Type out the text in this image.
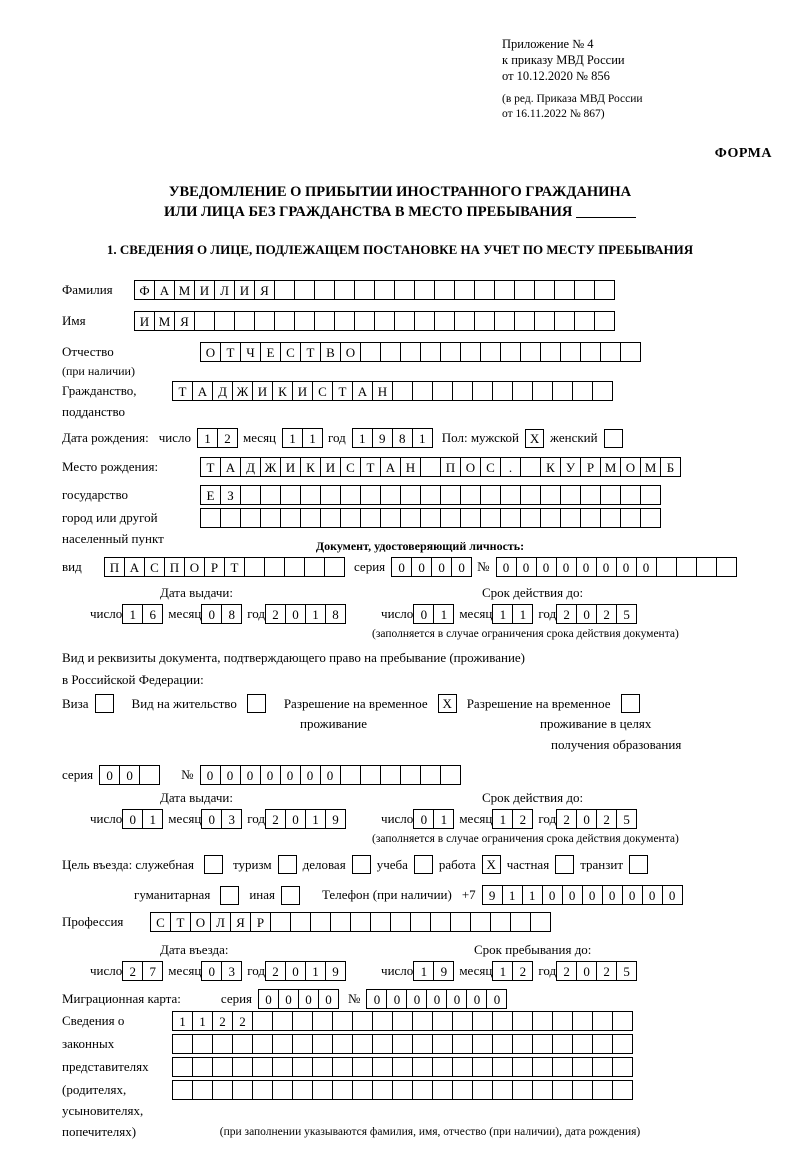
Приложение № 4
к приказу МВД России
от 10.12.2020 № 856
(в ред. Приказа МВД России
от 16.11.2022 № 867)
ФОРМА
УВЕДОМЛЕНИЕ О ПРИБЫТИИ ИНОСТРАННОГО ГРАЖДАНИНА
ИЛИ ЛИЦА БЕЗ ГРАЖДАНСТВА В МЕСТО ПРЕБЫВАНИЯ
1. СВЕДЕНИЯ О ЛИЦЕ, ПОДЛЕЖАЩЕМ ПОСТАНОВКЕ НА УЧЕТ ПО МЕСТУ ПРЕБЫВАНИЯ
Фамилия	Ф А М И Л И Я
Имя	И М Я
Отчество	О Т Ч Е С Т В О
(при наличии)
Гражданство,	Т А Д Ж И К И С Т А Н
подданство
Дата рождения: число	1	2 месяц	1	1 год	1	9	8	1	Пол: мужской Х женский
Место рождения:	Т А Д Ж И К И С Т А Н	П О С	.	К У Р М О М Б
государство	Е З
город или другой
населенный пункт	Документ, удостоверяющий личность:
вид	П А С П О Р Т	серия	0	0	0	0 №	0	0	0	0	0	0	0	0
Дата выдачи:	Срок действия до:
число 1	6 месяц 0	8 год 2	0	1	8	число 0	1 месяц 1	1 год 2	0	2	5
(заполняется в случае ограничения срока действия документа)
Вид и реквизиты документа, подтверждающего право на пребывание (проживание)
в Российской Федерации:
Виза	Вид на жительство	Разрешение на временное	Х	Разрешение на временное
проживание	проживание в целях
получения образования
серия	0	0	№	0	0	0	0	0	0	0
Дата выдачи:	Срок действия до:
число 0	1 месяц 0	3 год 2	0	1	9	число 0	1 месяц 1	2 год 2	0	2	5
(заполняется в случае ограничения срока действия документа)
Цель въезда: служебная	туризм деловая учеба работа Х частная транзит
гуманитарная	иная	Телефон (при наличии) +7	9	1	1	0	0	0	0	0	0	0
Профессия	С Т О Л Я Р
Дата въезда:	Срок пребывания до:
число 2	7 месяц 0	3 год 2	0	1	9	число 1	9 месяц 1	2 год 2	0	2	5
Миграционная карта:	серия	0	0	0	0	№	0	0	0	0	0	0	0
Сведения о	1	1	2	2
законных
представителях
(родителях,
усыновителях,
попечителях)	(при заполнении указываются фамилия, имя, отчество (при наличии), дата рождения)
